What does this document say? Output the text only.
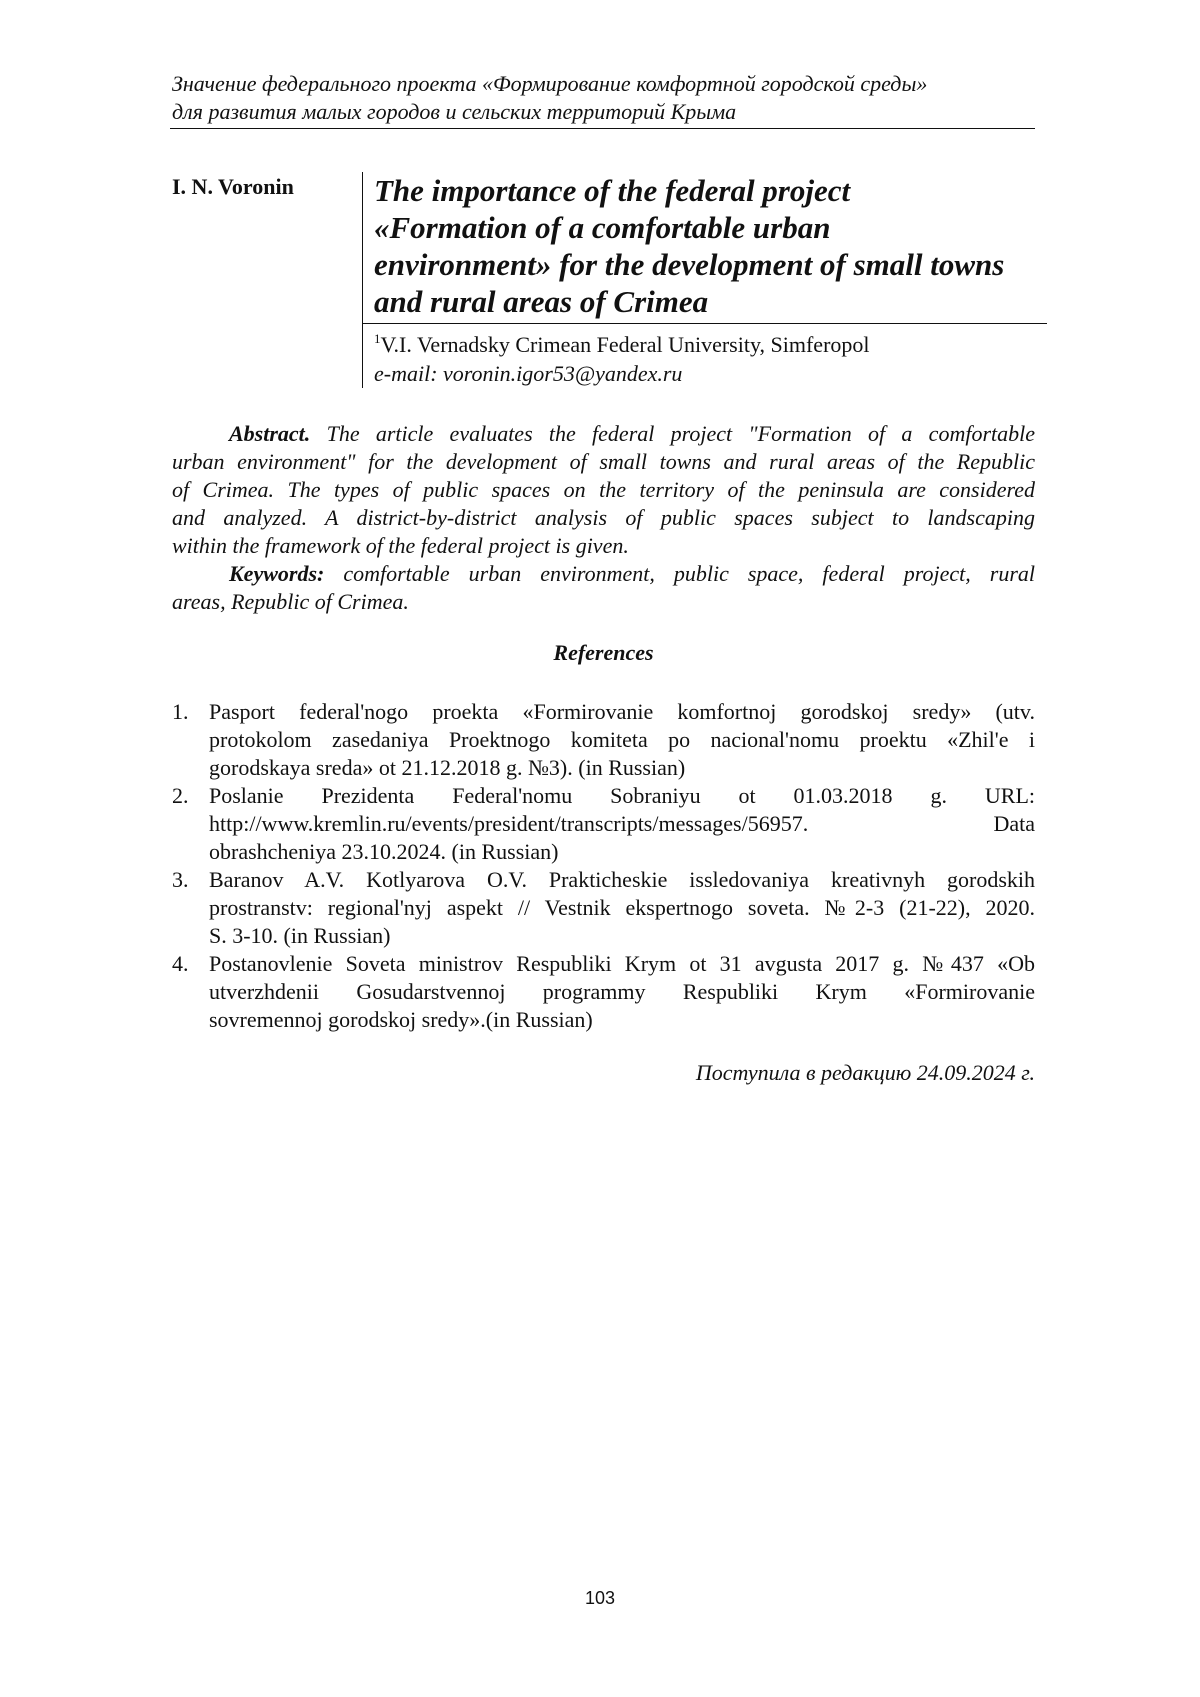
Значение федерального проекта «Формирование комфортной городской среды»
для развития малых городов и сельских территорий Крыма
I. N. Voronin	The importance of the federal project
«Formation of a comfortable urban
environment» for the development of small towns
and rural areas of Crimea
$^1$V.I. Vernadsky Crimean Federal University, Simferopol
e-mail: voronin.igor53@yandex.ru
Abstract. The article evaluates the federal project "Formation of a comfortable
urban environment" for the development of small towns and rural areas of the Republic
of Crimea. The types of public spaces on the territory of the peninsula are considered
and analyzed. A district-by-district analysis of public spaces subject to landscaping
within the framework of the federal project is given.
Keywords: comfortable urban environment, public space, federal project, rural
areas, Republic of Crimea.
References
1. Pasport federal'nogo proekta «Formirovanie komfortnoj gorodskoj sredy» (utv.
protokolom zasedaniya Proektnogo komiteta po nacional'nomu proektu «Zhil'e i
gorodskaya sreda» ot 21.12.2018 g. №3). (in Russian)
2. Poslanie Prezidenta Federal'nomu Sobraniyu ot 01.03.2018 g. URL:
http://www.kremlin.ru/events/president/transcripts/messages/56957. Data
obrashcheniya 23.10.2024. (in Russian)
3. Baranov A.V. Kotlyarova O.V. Prakticheskie issledovaniya kreativnyh gorodskih
prostranstv: regional'nyj aspekt // Vestnik ekspertnogo soveta. №2-3 (21-22), 2020.
S. 3-10. (in Russian)
4. Postanovlenie Soveta ministrov Respubliki Krym ot 31 avgusta 2017 g. №437 «Ob
utverzhdenii Gosudarstvennoj programmy Respubliki Krym «Formirovanie
sovremennoj gorodskoj sredy».(in Russian)
Поступила в редакцию 24.09.2024 г.
103
